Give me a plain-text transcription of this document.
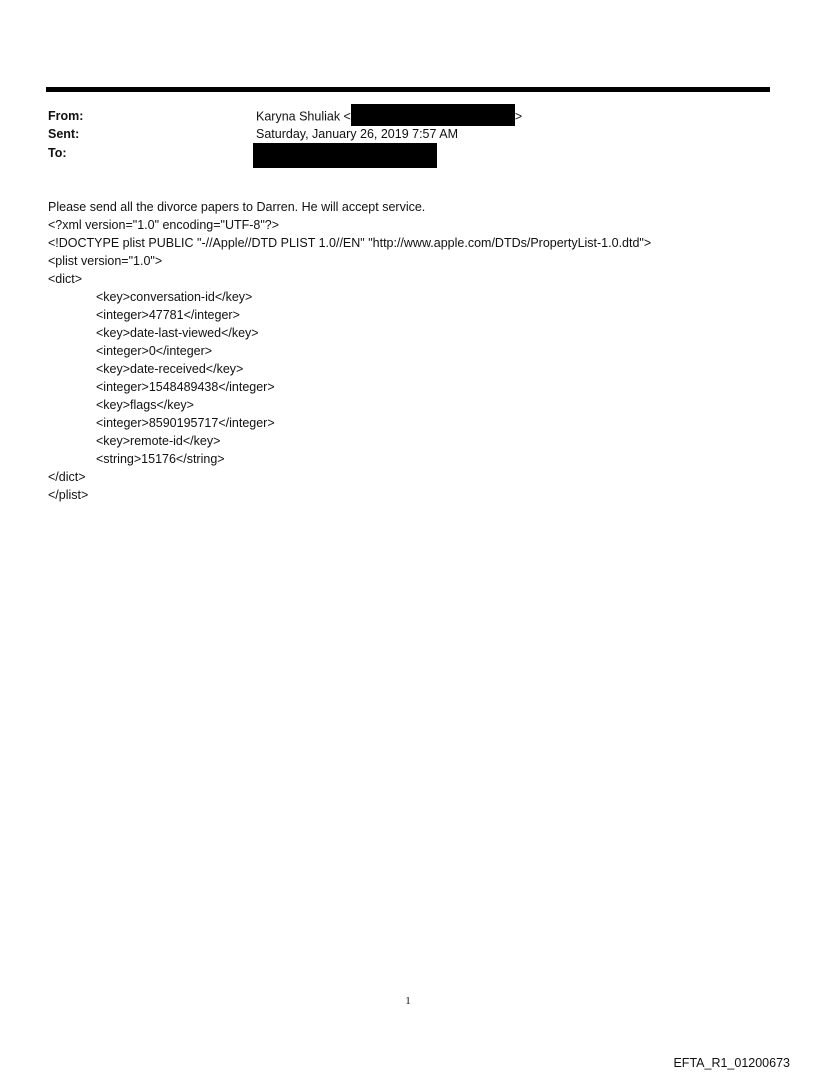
From:	Karyna Shuliak <	>
Sent:	Saturday, January 26, 2019 7:57 AM
To:
Please send all the divorce papers to Darren. He will accept service.
<?xml version="1.0" encoding="UTF-8"?>
<!DOCTYPE plist PUBLIC "-//Apple//DTD PLIST 1.0//EN" "http://www.apple.com/DTDs/PropertyList-1.0.dtd">
<plist version="1.0">
<dict>
<key>conversation-id</key>
<integer>47781</integer>
<key>date-last-viewed</key>
<integer>0</integer>
<key>date-received</key>
<integer>1548489438</integer>
<key>flags</key>
<integer>8590195717</integer>
<key>remote-id</key>
<string>15176</string>
</dict>
</plist>
1
EFTA_R1_01200673
